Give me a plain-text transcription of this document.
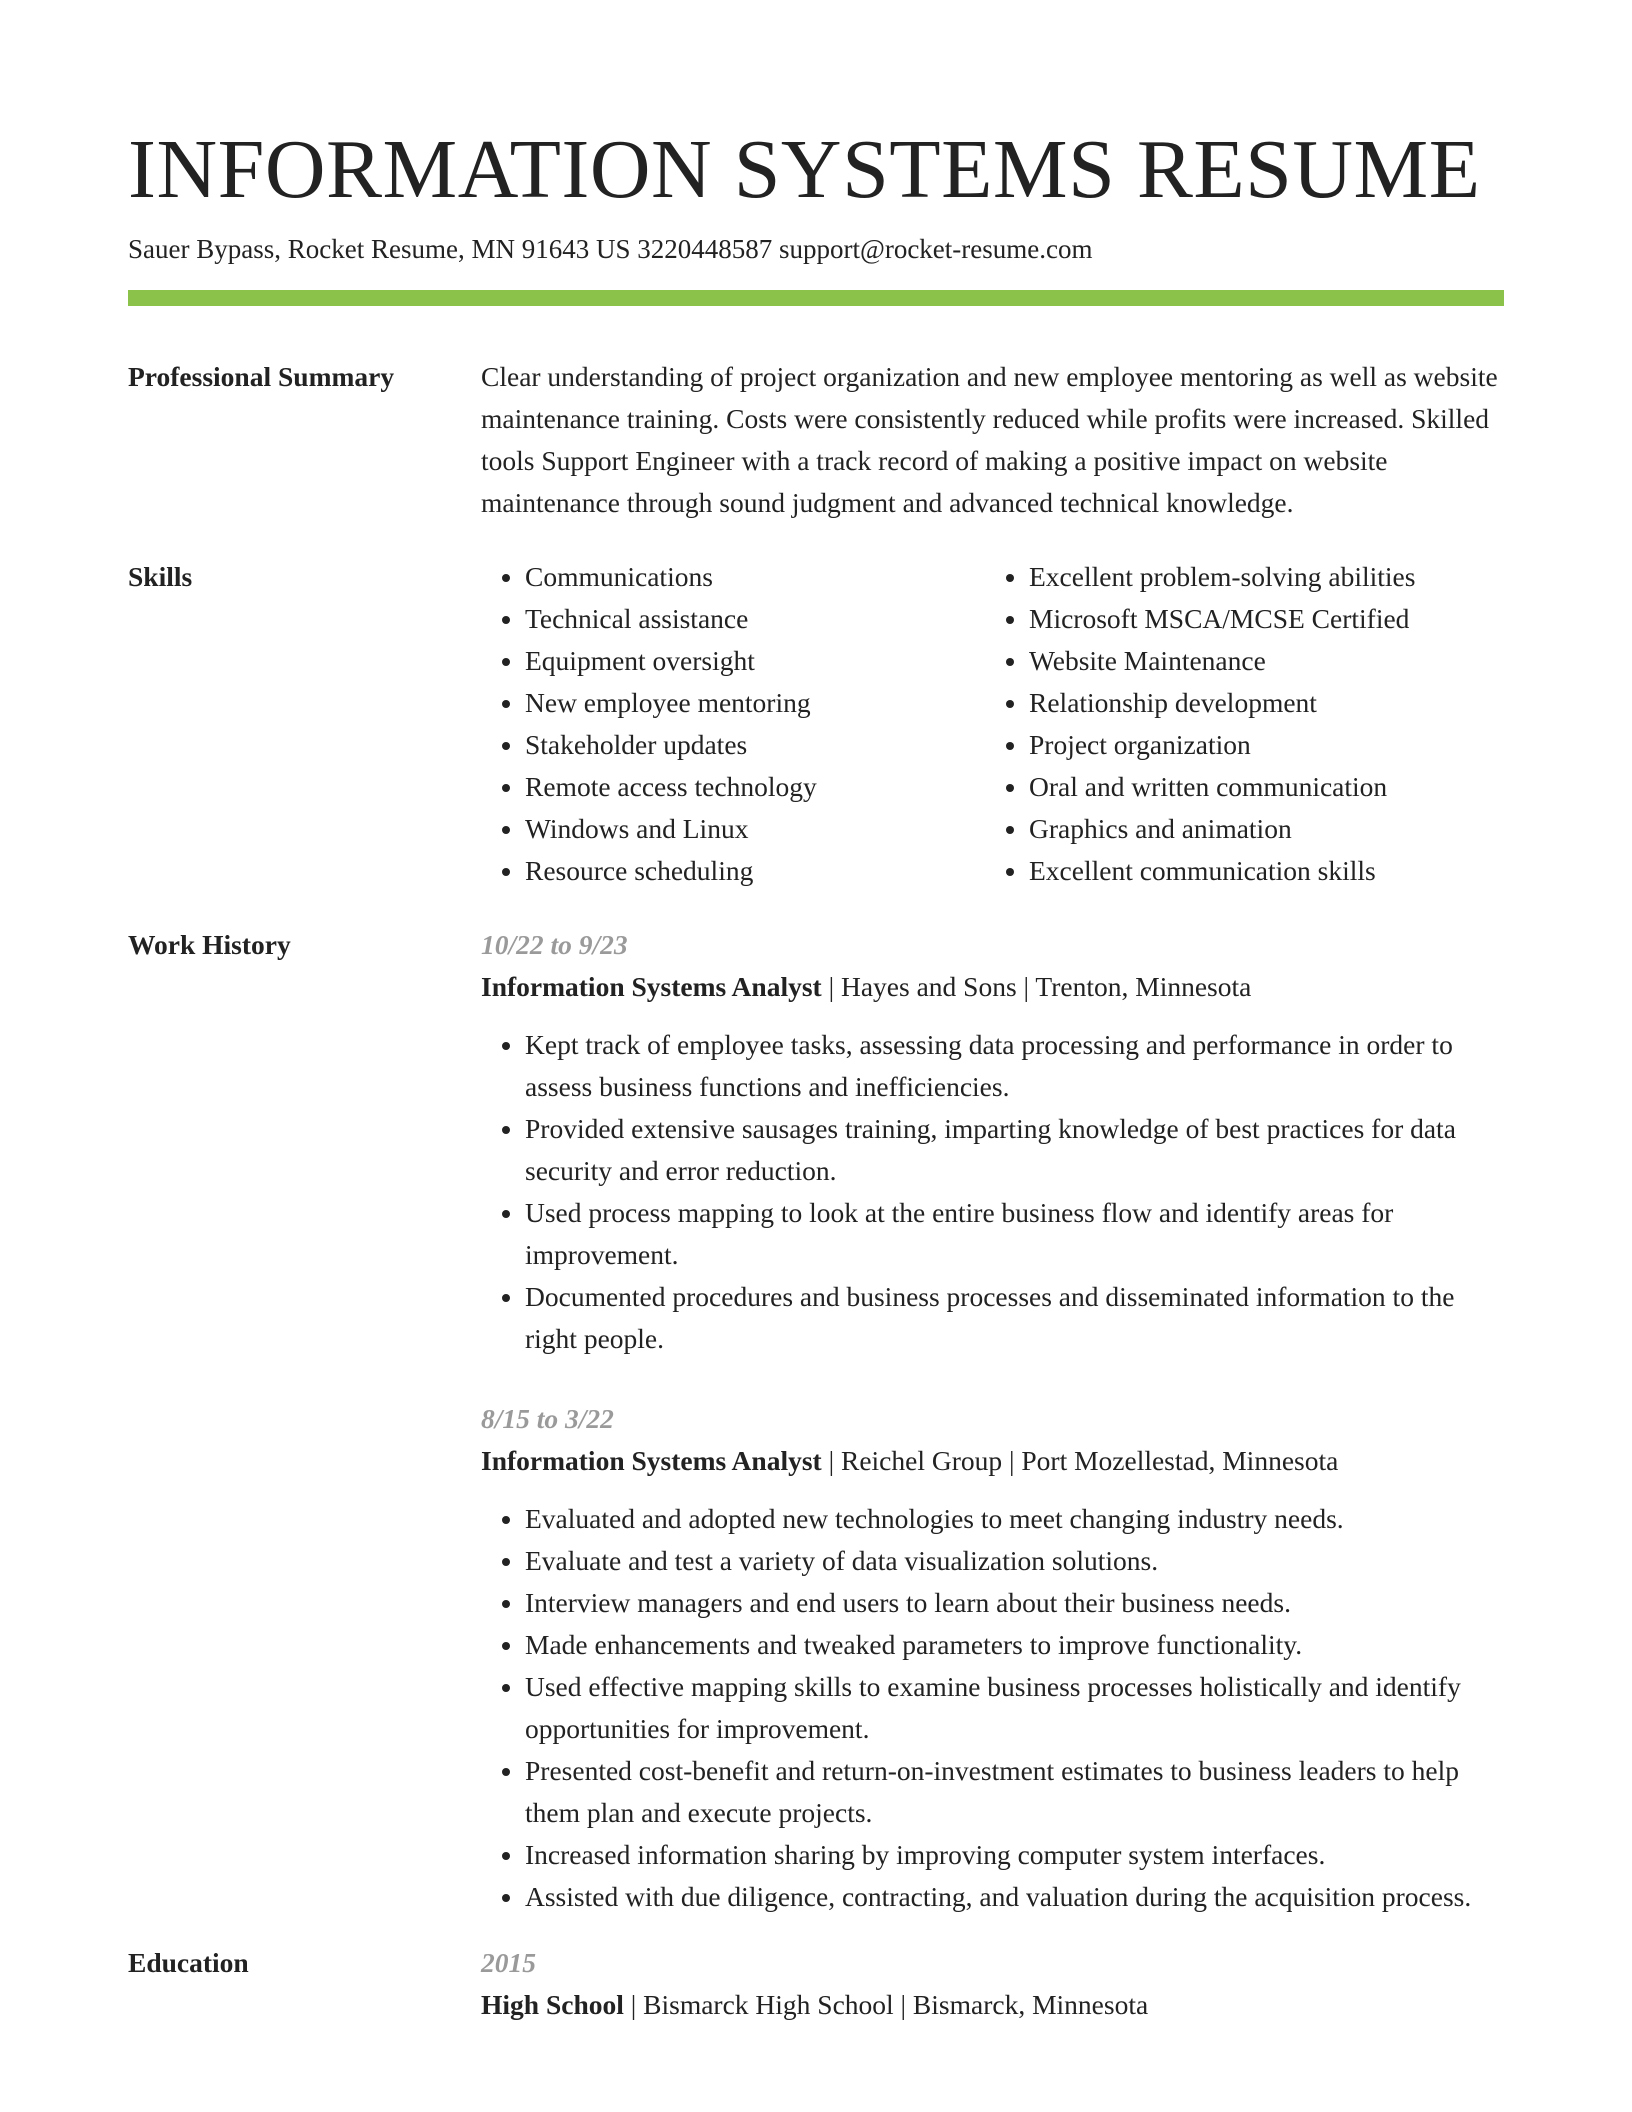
INFORMATION SYSTEMS RESUME
Sauer Bypass, Rocket Resume, MN 91643 US 3220448587 support@rocket-resume.com
Professional Summary	Clear understanding of project organization and new employee mentoring as well as website maintenance training. Costs were consistently reduced while profits were increased. Skilled tools Support Engineer with a track record of making a positive impact on website maintenance through sound judgment and advanced technical knowledge.
Skills
•	Communications
• Technical assistance
• Equipment oversight
• New employee mentoring
• Stakeholder updates
• Remote access technology
• Windows and Linux
• Resource scheduling
• Excellent problem-solving abilities
• Microsoft MSCA/MCSE Certified
• Website Maintenance
• Relationship development
• Project organization
• Oral and written communication
• Graphics and animation
• Excellent communication skills
Work History	10/22 to 9/23
Information Systems Analyst | Hayes and Sons | Trenton, Minnesota
• Kept track of employee tasks, assessing data processing and performance in order to assess business functions and inefficiencies.
• Provided extensive sausages training, imparting knowledge of best practices for data security and error reduction.
• Used process mapping to look at the entire business flow and identify areas for improvement.
• Documented procedures and business processes and disseminated information to the right people.
8/15 to 3/22
Information Systems Analyst | Reichel Group | Port Mozellestad, Minnesota
• Evaluated and adopted new technologies to meet changing industry needs.
• Evaluate and test a variety of data visualization solutions.
• Interview managers and end users to learn about their business needs.
• Made enhancements and tweaked parameters to improve functionality.
• Used effective mapping skills to examine business processes holistically and identify opportunities for improvement.
• Presented cost-benefit and return-on-investment estimates to business leaders to help them plan and execute projects.
• Increased information sharing by improving computer system interfaces.
• Assisted with due diligence, contracting, and valuation during the acquisition process.
Education	2015
High School | Bismarck High School | Bismarck, Minnesota
